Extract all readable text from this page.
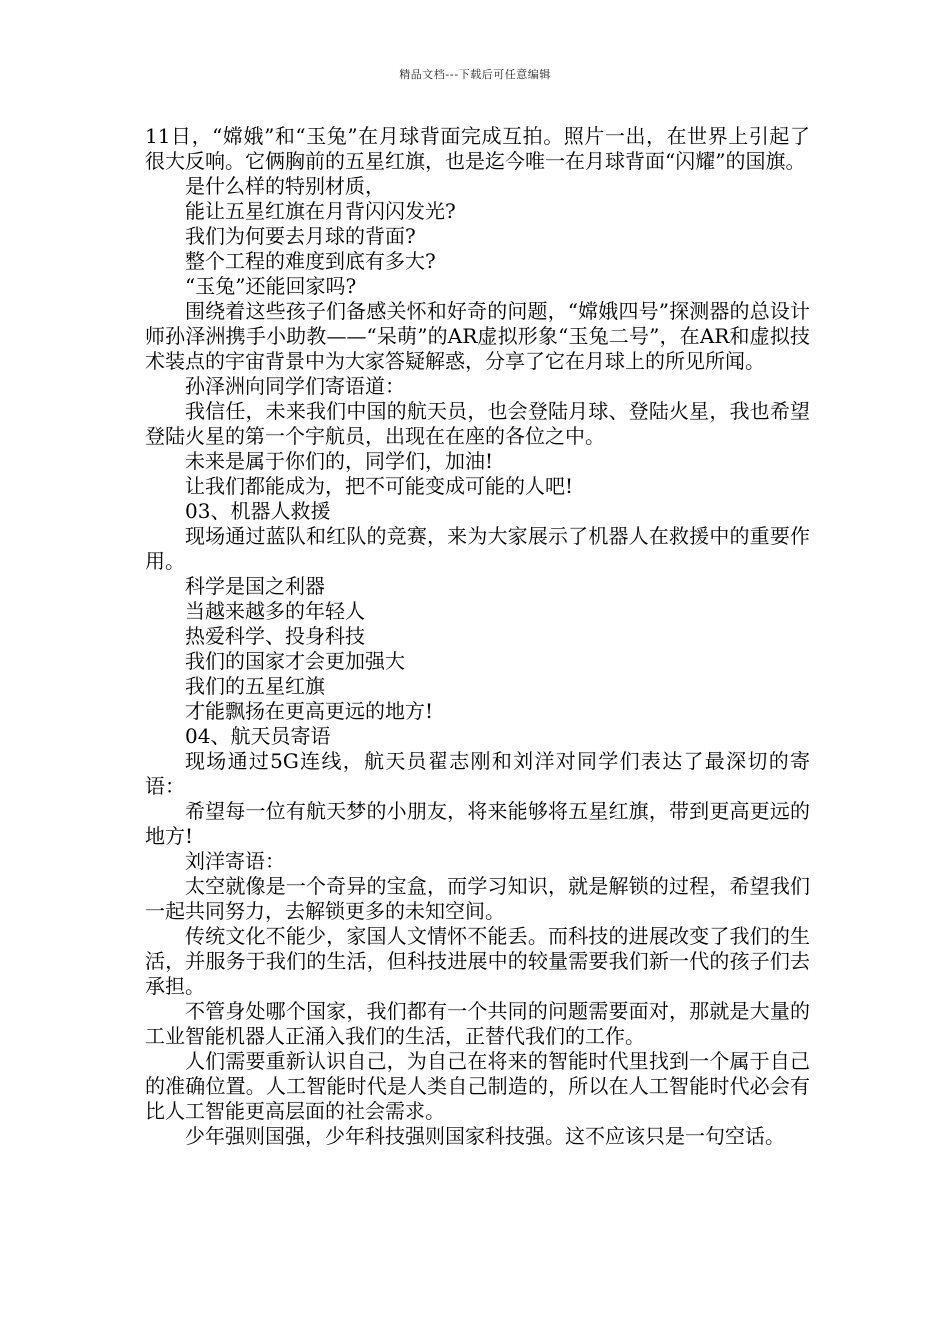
精品文档---下载后可任意编辑

11日，“嫦娥”和“玉兔”在月球背面完成互拍。照片一出，在世界上引起了很大反响。它俩胸前的五星红旗，也是迄今唯一在月球背面“闪耀”的国旗。

是什么样的特别材质，

能让五星红旗在月背闪闪发光?

我们为何要去月球的背面?

整个工程的难度到底有多大?

“玉兔”还能回家吗?

围绕着这些孩子们备感关怀和好奇的问题，“嫦娥四号”探测器的总设计师孙泽洲携手小助教——“呆萌”的AR虚拟形象“玉兔二号”，在AR和虚拟技术装点的宇宙背景中为大家答疑解惑，分享了它在月球上的所见所闻。

孙泽洲向同学们寄语道：

我信任，未来我们中国的航天员，也会登陆月球、登陆火星，我也希望登陆火星的第一个宇航员，出现在在座的各位之中。

未来是属于你们的，同学们，加油!

让我们都能成为，把不可能变成可能的人吧!

03、机器人救援

现场通过蓝队和红队的竞赛，来为大家展示了机器人在救援中的重要作用。

科学是国之利器

当越来越多的年轻人

热爱科学、投身科技

我们的国家才会更加强大

我们的五星红旗

才能飘扬在更高更远的地方!

04、航天员寄语

现场通过5G连线，航天员翟志刚和刘洋对同学们表达了最深切的寄语：

希望每一位有航天梦的小朋友，将来能够将五星红旗，带到更高更远的地方!

刘洋寄语：

太空就像是一个奇异的宝盒，而学习知识，就是解锁的过程，希望我们一起共同努力，去解锁更多的未知空间。

传统文化不能少，家国人文情怀不能丢。而科技的进展改变了我们的生活，并服务于我们的生活，但科技进展中的较量需要我们新一代的孩子们去承担。

不管身处哪个国家，我们都有一个共同的问题需要面对，那就是大量的工业智能机器人正涌入我们的生活，正替代我们的工作。

人们需要重新认识自己，为自己在将来的智能时代里找到一个属于自己的准确位置。人工智能时代是人类自己制造的，所以在人工智能时代必会有比人工智能更高层面的社会需求。

少年强则国强，少年科技强则国家科技强。这不应该只是一句空话。
